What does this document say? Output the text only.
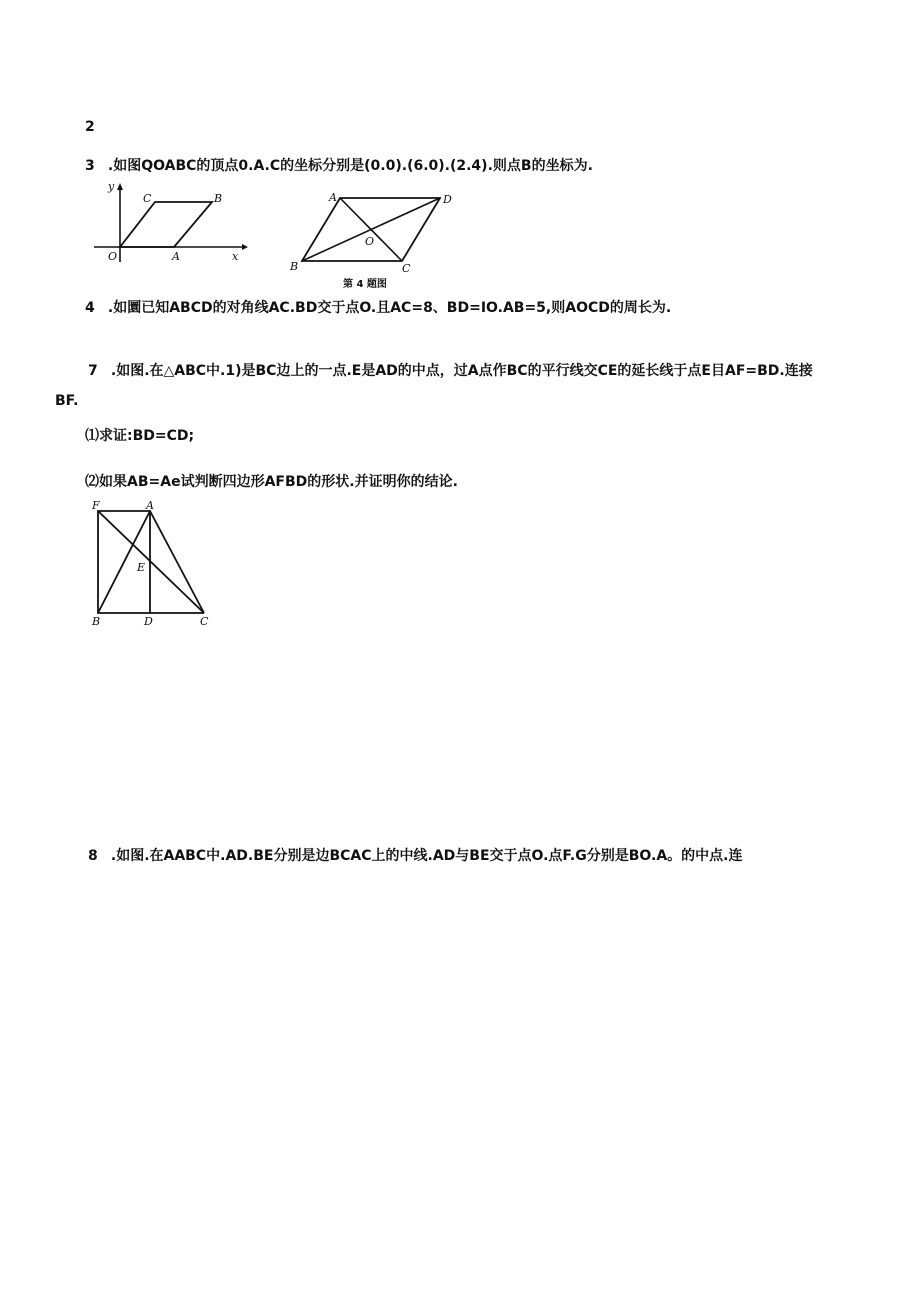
2
3 .如图QOABC的顶点0.A.C的坐标分别是(0.0).(6.0).(2.4).则点B的坐标为.
y
x
O	A
B
C	A	D
B	C
O
第 4 题图
4 .如圜已知ABCD的对角线AC.BD交于点O.且AC=8、BD=IO.AB=5,则AOCD的周长为.
7 .如图.在△ABC中.1)是BC边上的一点.E是AD的中点，过A点作BC的平行线交CE的延长线于点E目AF=BD.连接
BF.
⑴求证:BD=CD;
⑵如果AB=Ae试判断四边形AFBD的形状.并证明你的结论.
F	A
E
B	D	C
8 .如图.在AABC中.AD.BE分别是边BCAC上的中线.AD与BE交于点O.点F.G分别是BO.A。的中点.连
